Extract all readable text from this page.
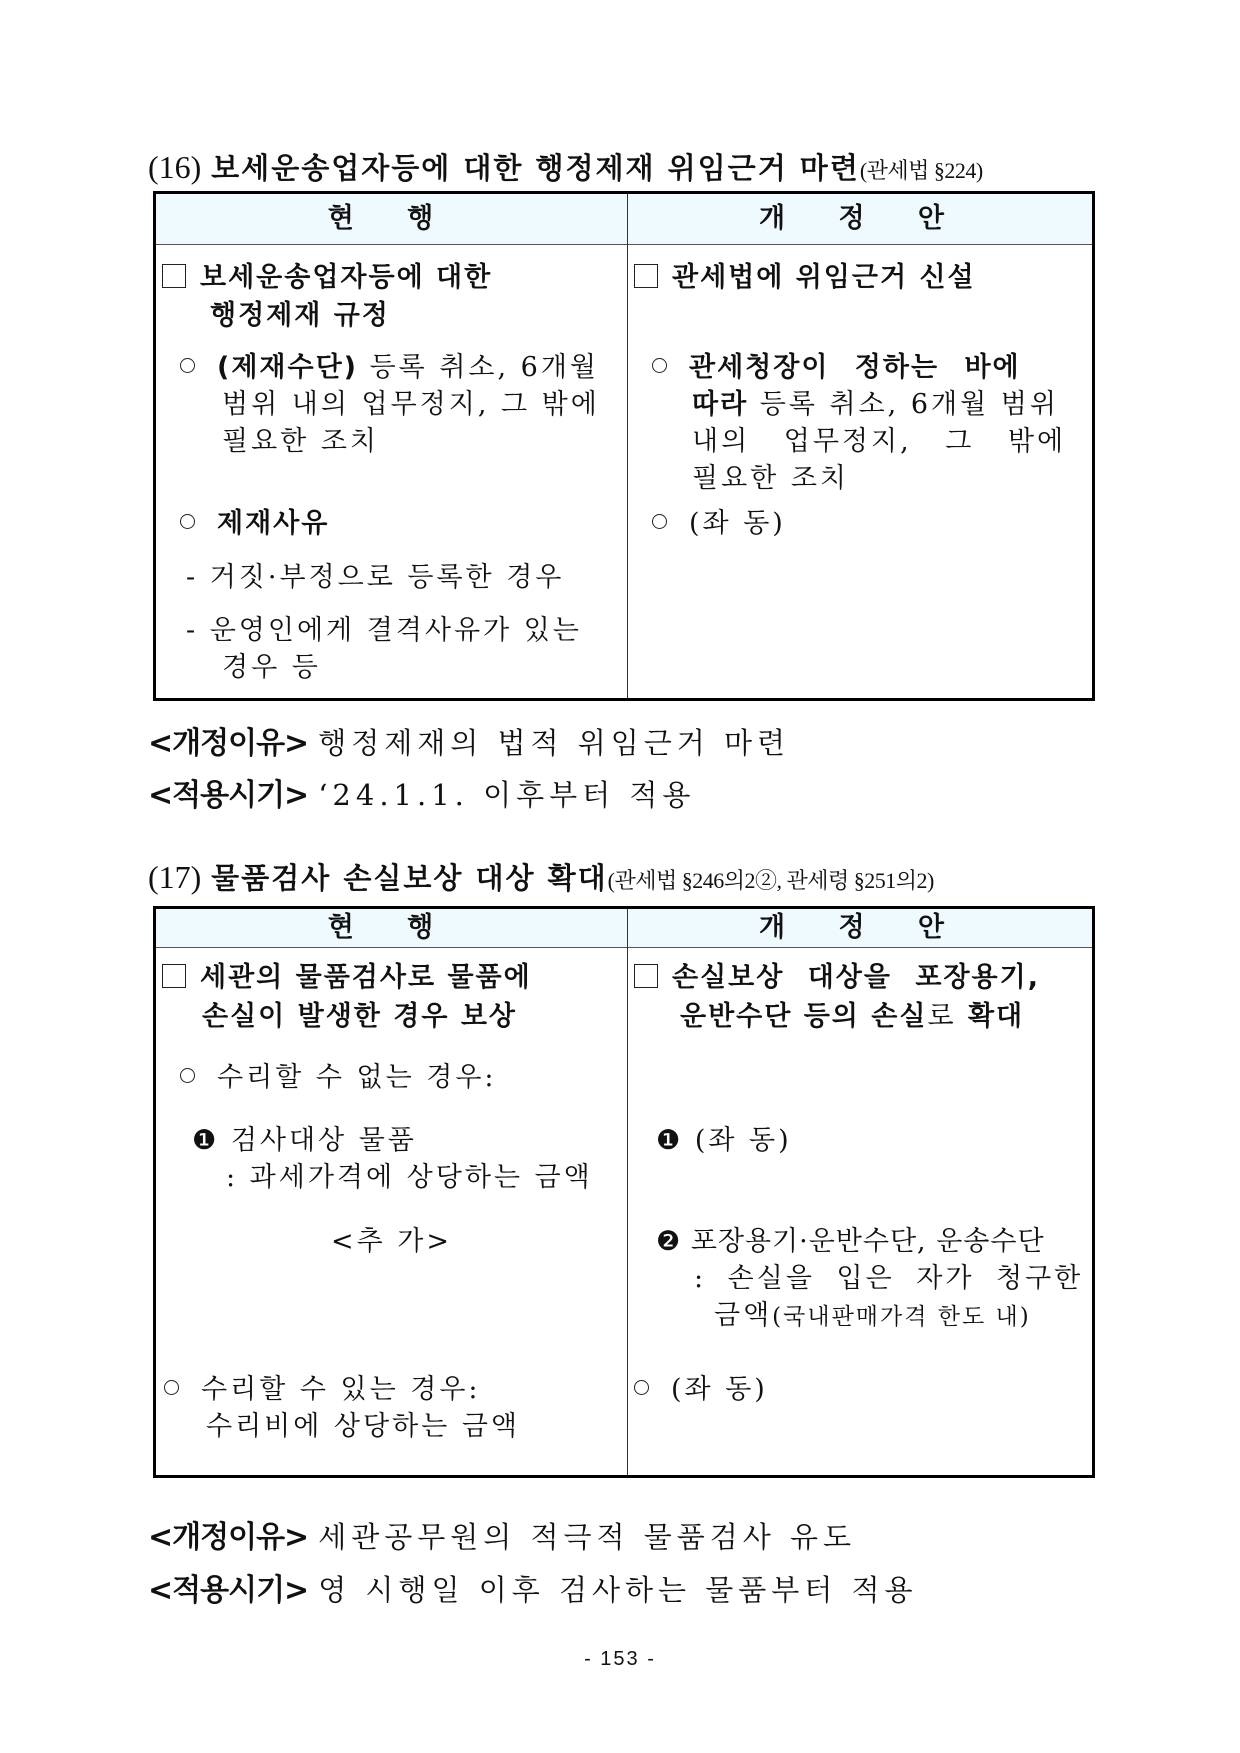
(16) 보세운송업자등에 대한 행정제재 위임근거 마련(관세법 §224)
현 행	개 정 안
보세운송업자등에 대한
행정제재 규정
(제재수단) 등록 취소, 6개월
범위 내의 업무정지, 그 밖에
필요한 조치
제재사유
- 거짓·부정으로 등록한 경우
- 운영인에게 결격사유가 있는
경우 등
관세법에 위임근거 신설
관세청장이 정하는 바에
따라 등록 취소, 6개월 범위
내의 업무정지, 그 밖에
필요한 조치
(좌 동)
<개정이유> 행정제재의 법적 위임근거 마련
<적용시기> ‘24.1.1. 이후부터 적용
(17) 물품검사 손실보상 대상 확대(관세법 §246의2②, 관세령 §251의2)
현 행	개 정 안
세관의 물품검사로 물품에
손실이 발생한 경우 보상
수리할 수 없는 경우:
❶ 검사대상 물품
: 과세가격에 상당하는 금액
<추 가>
수리할 수 있는 경우:
수리비에 상당하는 금액
손실보상 대상을 포장용기,
운반수단 등의 손실로 확대
❶ (좌 동)
❷ 포장용기·운반수단, 운송수단
: 손실을 입은 자가 청구한
금액(국내판매가격 한도 내)
(좌 동)
<개정이유> 세관공무원의 적극적 물품검사 유도
<적용시기> 영 시행일 이후 검사하는 물품부터 적용
- 153 -
